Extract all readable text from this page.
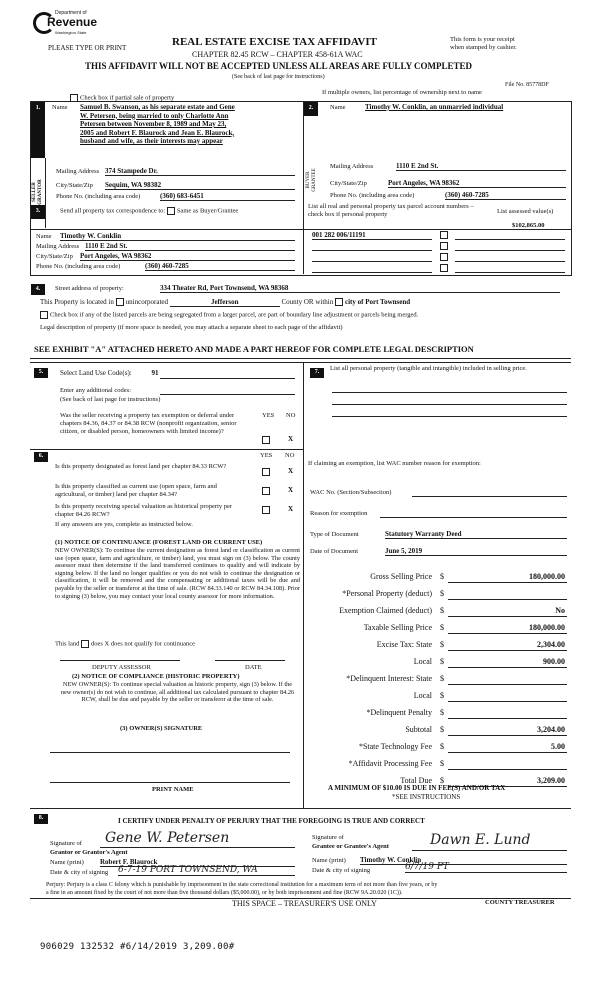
Department of
Revenue
Washington State
PLEASE TYPE OR PRINT	REAL ESTATE EXCISE TAX AFFIDAVIT
CHAPTER 82.45 RCW – CHAPTER 458-61A WAC
THIS AFFIDAVIT WILL NOT BE ACCEPTED UNLESS ALL AREAS ARE FULLY COMPLETED
(See back of last page for instructions)
This form is your receipt
when stamped by cashier.
If multiple owners, list percentage of ownership next to name
File No. 85778DF
Check box if partial sale of property
1.
SELLER
GRANTOR
Name Samuel B. Swanson, as his separate estate and Gene
W. Petersen, being married to only Charlotte Ann
Petersen between November 8, 1989 and May 23,
2005 and Robert F. Blaurock and Jean E. Blaurock,
husband and wife, as their interests may appear
Mailing Address 374 Stampede Dr.
City/State/Zip Sequim, WA 98382
Phone No. (including area code)	(360) 683-6451
2.
BUYER
GRANTEE
Name	Timothy W. Conklin, an unmarried individual
Mailing Address	1110 E 2nd St.
City/State/Zip	Port Angeles, WA 98362
Phone No. (including area code)	(360) 460-7285
3.	Send all property tax correspondence to: Same as Buyer/Grantee
List all real and personal property tax parcel account numbers – check box if personal property	List assessed value(s)
$102,865.00
Name Timothy W. Conklin
Mailing Address 1110 E 2nd St.
City/State/Zip Port Angeles, WA 98362
Phone No. (including area code)	(360) 460-7285
001 282 006/11191
4.	Street address of property:	334 Theater Rd, Port Townsend, WA 98368
This Property is located in unincorporated	Jefferson	County OR within city of Port Townsend
Check box if any of the listed parcels are being segregated from a larger parcel, are part of boundary line adjustment or parcels being merged.
Legal description of property (if more space is needed, you may attach a separate sheet to each page of the affidavit)
SEE EXHIBIT "A" ATTACHED HERETO AND MADE A PART HEREOF FOR COMPLETE LEGAL DESCRIPTION
5.	Select Land Use Code(s):	91
Enter any additional codes:
(See back of last page for instructions)
YES NO
Was the seller receiving a property tax exemption or deferral under chapters 84.36, 84.37 or 84.38 RCW (nonprofit organization, senior citizen, or disabled person, homeowners with limited income)?
X
6.	YES NO
Is this property designated as forest land per chapter 84.33 RCW?
X
Is this property classified as current use (open space, farm and agricultural, or timber) land per chapter 84.34?
X
Is this property receiving special valuation as historical property per chapter 84.26 RCW?
X
If any answers are yes, complete as instructed below.
(1) NOTICE OF CONTINUANCE (FOREST LAND OR CURRENT USE)
NEW OWNER(S): To continue the current designation as forest land or classification as current use (open space, farm and agriculture, or timber) land, you must sign on (3) below. The county assessor must then determine if the land transferred continues to qualify and will indicate by signing below. If the land no longer qualifies or you do not wish to continue the designation or classification, it will be removed and the compensating or additional taxes will be due and payable by the seller or transferor at the time of sale. (RCW 84.33.140 or RCW 84.34.108). Prior to signing (3) below, you may contact your local county assessor for more information.
This land does X does not qualify for continuance
DEPUTY ASSESSOR	DATE
(2) NOTICE OF COMPLIANCE (HISTORIC PROPERTY)
NEW OWNER(S): To continue special valuation as historic property, sign (3) below. If the new owner(s) do not wish to continue, all additional tax calculated pursuant to chapter 84.26 RCW, shall be due and payable by the seller or transferor at the time of sale.
(3) OWNER(S) SIGNATURE
PRINT NAME
7.	List all personal property (tangible and intangible) included in selling price.
If claiming an exemption, list WAC number reason for exemption:
WAC No. (Section/Subsection)
Reason for exemption
Type of Document	Statutory Warranty Deed
Date of Document	June 5, 2019
Gross Selling Price $	180,000.00
*Personal Property (deduct) $
Exemption Claimed (deduct) $	No
Taxable Selling Price $	180,000.00
Excise Tax: State $	2,304.00
Local $	900.00
*Delinquent Interest: State $
Local $
*Delinquent Penalty $
Subtotal $	3,204.00
*State Technology Fee $	5.00
*Affidavit Processing Fee $
Total Due $	3,209.00
A MINIMUM OF $10.00 IS DUE IN FEE(S) AND/OR TAX
*SEE INSTRUCTIONS
8.	I CERTIFY UNDER PENALTY OF PERJURY THAT THE FOREGOING IS TRUE AND CORRECT
Signature of
Grantor or Grantor's Agent
Gene W. Petersen
Name (print) Robert F. Blaurock
Date & city of signing 6-7-19 PORT TOWNSEND, WA
Signature of
Grantee or Grantee's Agent	Dawn E. Lund
Name (print) Timothy W. Conklin
Date & city of signing	6/7/19 PT
Perjury: Perjury is a class C felony which is punishable by imprisonment in the state correctional institution for a maximum term of not more than five years, or by
a fine in an amount fixed by the court of not more than five thousand dollars ($5,000.00), or by both imprisonment and fine (RCW 9A.20.020 (1C)).
THIS SPACE – TREASURER'S USE ONLY	COUNTY TREASURER
906029 132532 #6/14/2019 3,209.00#
